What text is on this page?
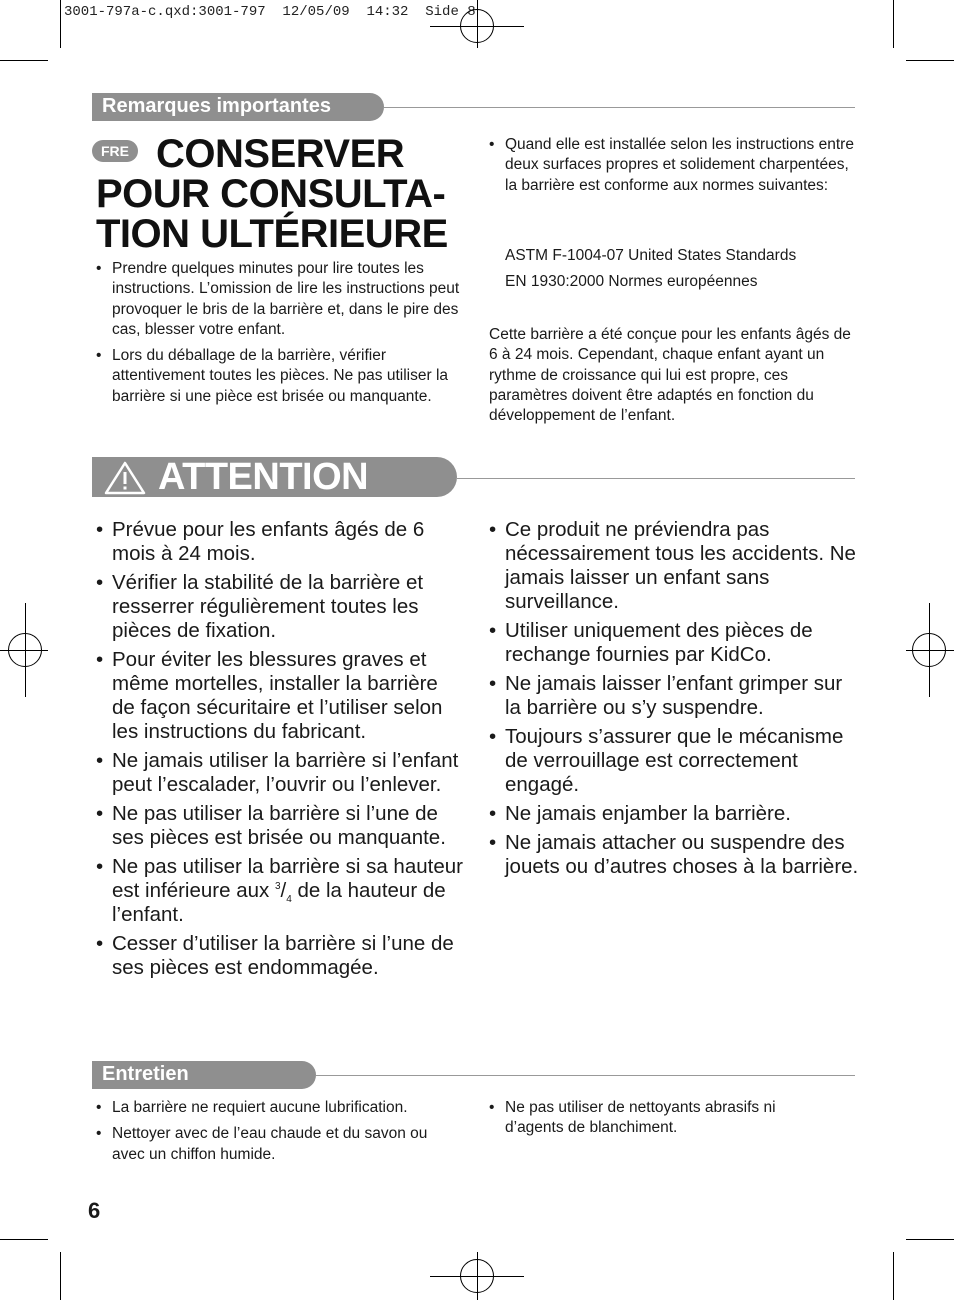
3001-797a-c.qxd:3001-797  12/05/09  14:32  Side 8
Remarques importantes
FRE CONSERVER
POUR CONSULTA-
TION ULTÉRIEURE
• Prendre quelques minutes pour lire toutes les instructions. L’omission de lire les instructions peut provoquer le bris de la barrière et, dans le pire des cas, blesser votre enfant.
• Lors du déballage de la barrière, vérifier attentivement toutes les pièces. Ne pas utiliser la barrière si une pièce est brisée ou manquante.
• Quand elle est installée selon les instructions entre deux surfaces propres et solidement charpentées, la barrière est conforme aux normes suivantes:
ASTM F-1004-07 United States Standards
EN 1930:2000 Normes européennes
Cette barrière a été conçue pour les enfants âgés de 6 à 24 mois. Cependant, chaque enfant ayant un rythme de croissance qui lui est propre, ces paramètres doivent être adaptés en fonction du développement de l’enfant.
ATTENTION
• Prévue pour les enfants âgés de 6 mois à 24 mois.
• Vérifier la stabilité de la barrière et resserrer régulièrement toutes les pièces de fixation.
• Pour éviter les blessures graves et même mortelles, installer la barrière de façon sécuritaire et l’utiliser selon les instructions du fabricant.
• Ne jamais utiliser la barrière si l’enfant peut l’escalader, l’ouvrir ou l’enlever.
• Ne pas utiliser la barrière si l’une de ses pièces est brisée ou manquante.
• Ne pas utiliser la barrière si sa hauteur est inférieure aux $^3/_4$ de la hauteur de l’enfant.
• Cesser d’utiliser la barrière si l’une de ses pièces est endommagée.
• Ce produit ne préviendra pas nécessairement tous les accidents. Ne jamais laisser un enfant sans surveillance.
• Utiliser uniquement des pièces de rechange fournies par KidCo.
• Ne jamais laisser l’enfant grimper sur la barrière ou s’y suspendre.
• Toujours s’assurer que le mécanisme de verrouillage est correctement engagé.
• Ne jamais enjamber la barrière.
• Ne jamais attacher ou suspendre des jouets ou d’autres choses à la barrière.
Entretien
• La barrière ne requiert aucune lubrification.
• Nettoyer avec de l’eau chaude et du savon ou avec un chiffon humide.
• Ne pas utiliser de nettoyants abrasifs ni d’agents de blanchiment.
6
